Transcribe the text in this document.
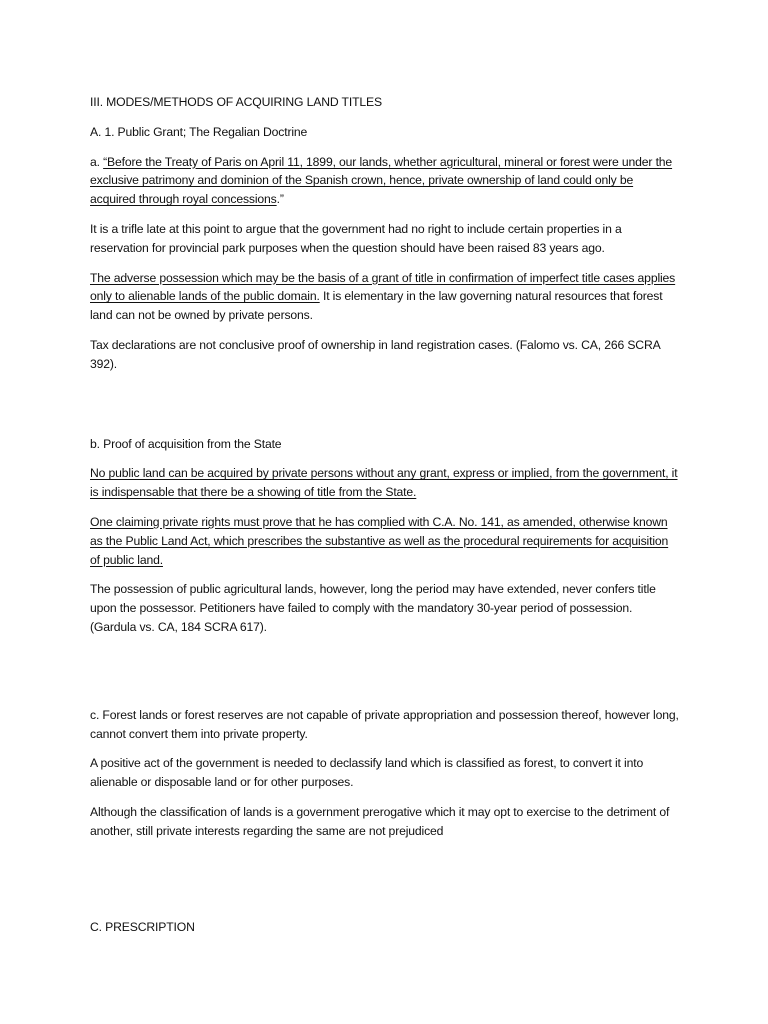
III. MODES/METHODS OF ACQUIRING LAND TITLES

A. 1. Public Grant; The Regalian Doctrine

a. “Before the Treaty of Paris on April 11, 1899, our lands, whether agricultural, mineral or forest were under the exclusive patrimony and dominion of the Spanish crown, hence, private ownership of land could only be acquired through royal concessions.”

It is a trifle late at this point to argue that the government had no right to include certain properties in a reservation for provincial park purposes when the question should have been raised 83 years ago.

The adverse possession which may be the basis of a grant of title in confirmation of imperfect title cases applies only to alienable lands of the public domain. It is elementary in the law governing natural resources that forest land can not be owned by private persons.

Tax declarations are not conclusive proof of ownership in land registration cases. (Falomo vs. CA, 266 SCRA 392).

b. Proof of acquisition from the State

No public land can be acquired by private persons without any grant, express or implied, from the government, it is indispensable that there be a showing of title from the State.

One claiming private rights must prove that he has complied with C.A. No. 141, as amended, otherwise known as the Public Land Act, which prescribes the substantive as well as the procedural requirements for acquisition of public land.

The possession of public agricultural lands, however, long the period may have extended, never confers title upon the possessor. Petitioners have failed to comply with the mandatory 30-year period of possession. (Gardula vs. CA, 184 SCRA 617).

c. Forest lands or forest reserves are not capable of private appropriation and possession thereof, however long, cannot convert them into private property.

A positive act of the government is needed to declassify land which is classified as forest, to convert it into alienable or disposable land or for other purposes.

Although the classification of lands is a government prerogative which it may opt to exercise to the detriment of another, still private interests regarding the same are not prejudiced

C. PRESCRIPTION
